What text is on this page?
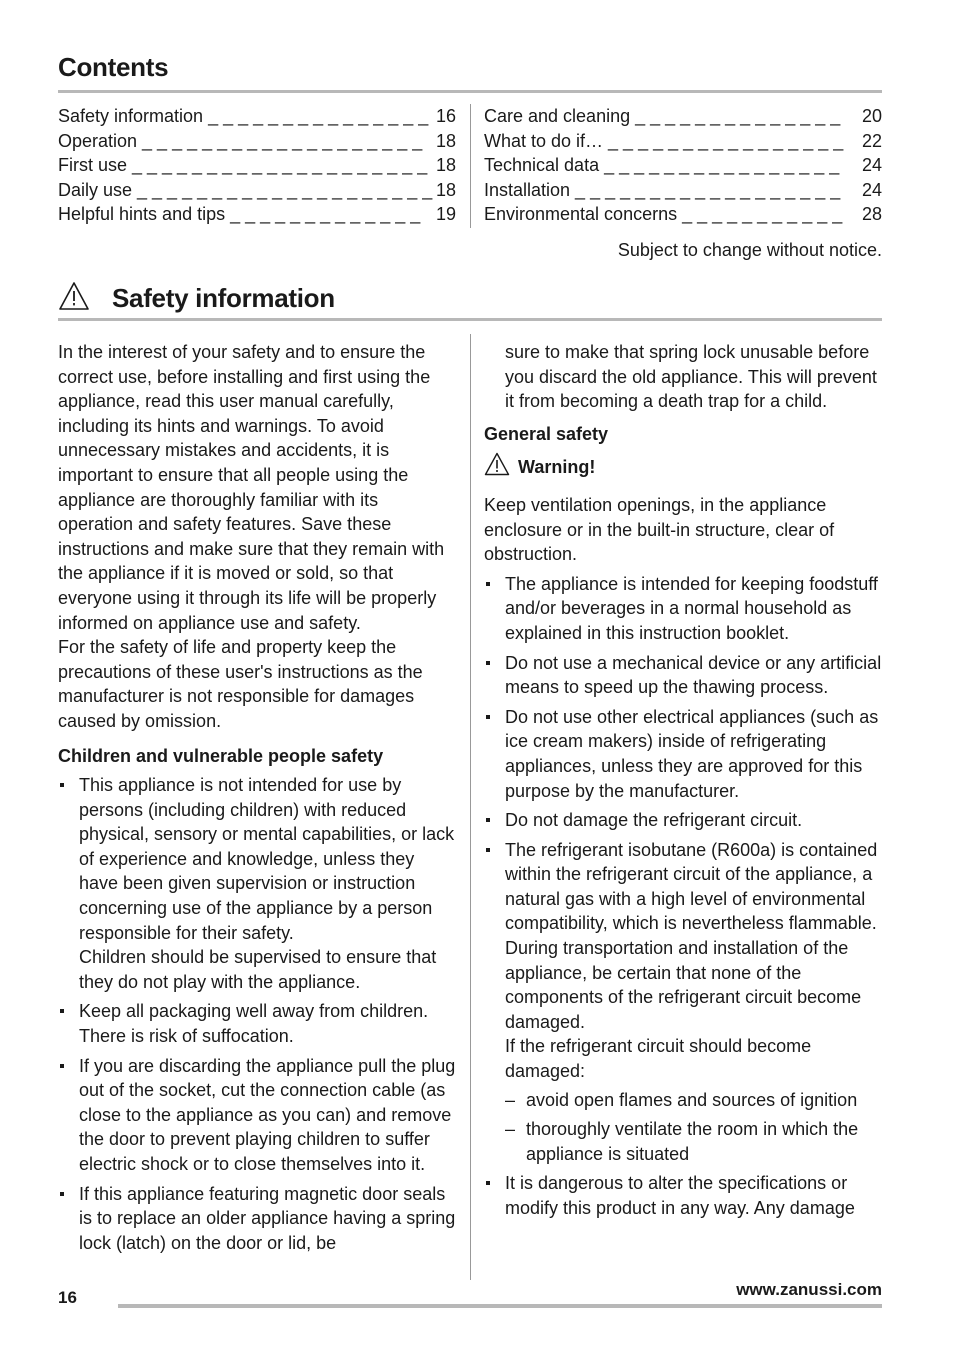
Contents
Safety information _ _ _ _ _ _ _ _ _ _ _ _ _ _ _ 16
Operation _ _ _ _ _ _ _ _ _ _ _ _ _ _ _ _ _ _ _ 18
First use _ _ _ _ _ _ _ _ _ _ _ _ _ _ _ _ _ _ _ _ 18
Daily use _ _ _ _ _ _ _ _ _ _ _ _ _ _ _ _ _ _ _ _ 18
Helpful hints and tips _ _ _ _ _ _ _ _ _ _ _ _ _ 19
Care and cleaning _ _ _ _ _ _ _ _ _ _ _ _ _ _ 20
What to do if… _ _ _ _ _ _ _ _ _ _ _ _ _ _ _ _ 22
Technical data _ _ _ _ _ _ _ _ _ _ _ _ _ _ _ _ 24
Installation _ _ _ _ _ _ _ _ _ _ _ _ _ _ _ _ _ _ 24
Environmental concerns _ _ _ _ _ _ _ _ _ _ _ 28
Subject to change without notice.
Safety information

In the interest of your safety and to ensure the correct use, before installing and first using the appliance, read this user manual carefully, including its hints and warnings. To avoid unnecessary mistakes and accidents, it is important to ensure that all people using the appliance are thoroughly familiar with its operation and safety features. Save these instructions and make sure that they remain with the appliance if it is moved or sold, so that everyone using it through its life will be properly informed on appliance use and safety.

For the safety of life and property keep the precautions of these user's instructions as the manufacturer is not responsible for damages caused by omission.

Children and vulnerable people safety

This appliance is not intended for use by persons (including children) with reduced physical, sensory or mental capabilities, or lack of experience and knowledge, unless they have been given supervision or instruction concerning use of the appliance by a person responsible for their safety.
Children should be supervised to ensure that they do not play with the appliance.
Keep all packaging well away from children. There is risk of suffocation.
If you are discarding the appliance pull the plug out of the socket, cut the connection cable (as close to the appliance as you can) and remove the door to prevent playing children to suffer electric shock or to close themselves into it.
If this appliance featuring magnetic door seals is to replace an older appliance having a spring lock (latch) on the door or lid, be

sure to make that spring lock unusable before you discard the old appliance. This will prevent it from becoming a death trap for a child.

General safety

Warning!

Keep ventilation openings, in the appliance enclosure or in the built-in structure, clear of obstruction.

The appliance is intended for keeping foodstuff and/or beverages in a normal household as explained in this instruction booklet.
Do not use a mechanical device or any artificial means to speed up the thawing process.
Do not use other electrical appliances (such as ice cream makers) inside of refrigerating appliances, unless they are approved for this purpose by the manufacturer.
Do not damage the refrigerant circuit.
The refrigerant isobutane (R600a) is contained within the refrigerant circuit of the appliance, a natural gas with a high level of environmental compatibility, which is nevertheless flammable.
During transportation and installation of the appliance, be certain that none of the components of the refrigerant circuit become damaged.
If the refrigerant circuit should become damaged:
– avoid open flames and sources of ignition
– thoroughly ventilate the room in which the appliance is situated
It is dangerous to alter the specifications or modify this product in any way. Any damage
16	www.zanussi.com
